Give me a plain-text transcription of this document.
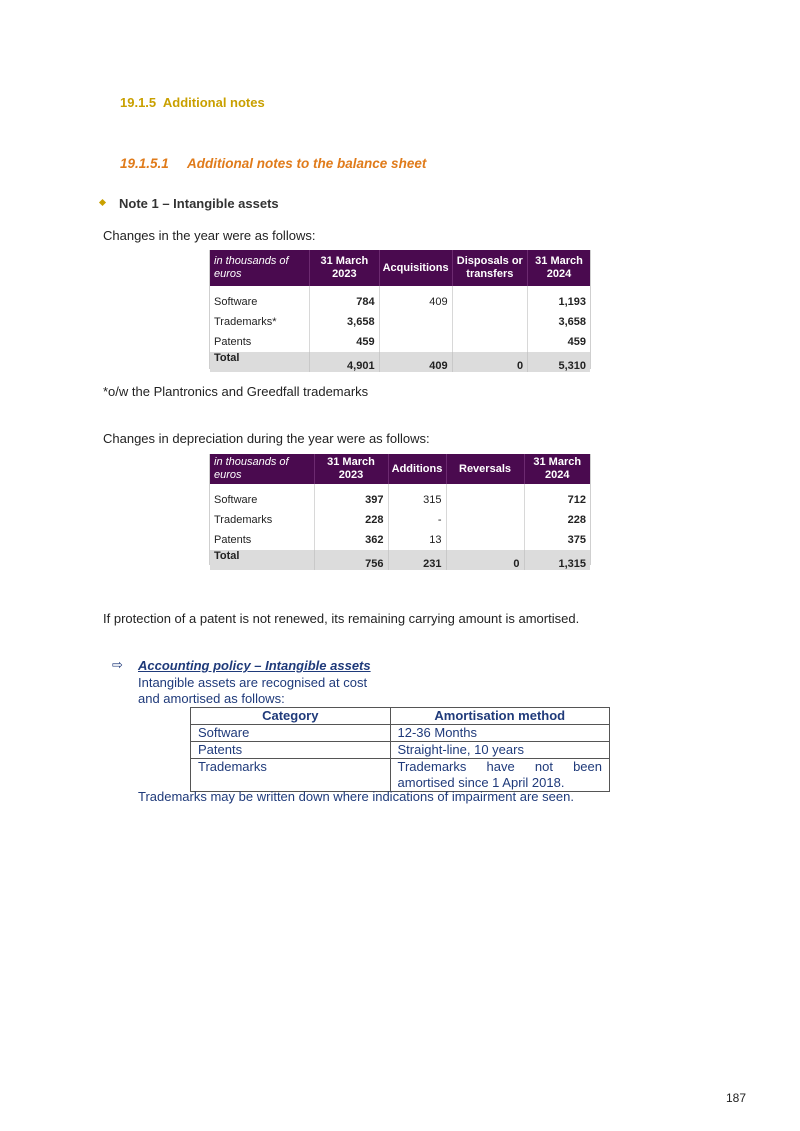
19.1.5  Additional notes
19.1.5.1     Additional notes to the balance sheet
Note 1 – Intangible assets
Changes in the year were as follows:
in thousands of euros	31 March 2023	Acquisitions	Disposals or transfers	31 March 2024

Software	784	409		1,193
Trademarks*	3,658			3,658
Patents	459			459
Total	4,901	409	0	5,310
*o/w the Plantronics and Greedfall trademarks
Changes in depreciation during the year were as follows:
in thousands of euros	31 March 2023	Additions	Reversals	31 March 2024

Software	397	315		712
Trademarks	228	-		228
Patents	362	13		375
Total	756	231	0	1,315
If protection of a patent is not renewed, its remaining carrying amount is amortised.
⇨ Accounting policy – Intangible assets
Intangible assets are recognised at cost
and amortised as follows:
Category	Amortisation method
Software	12-36 Months
Patents	Straight-line, 10 years
Trademarks	Trademarks have not been amortised since 1 April 2018.
Trademarks may be written down where indications of impairment are seen.
187
